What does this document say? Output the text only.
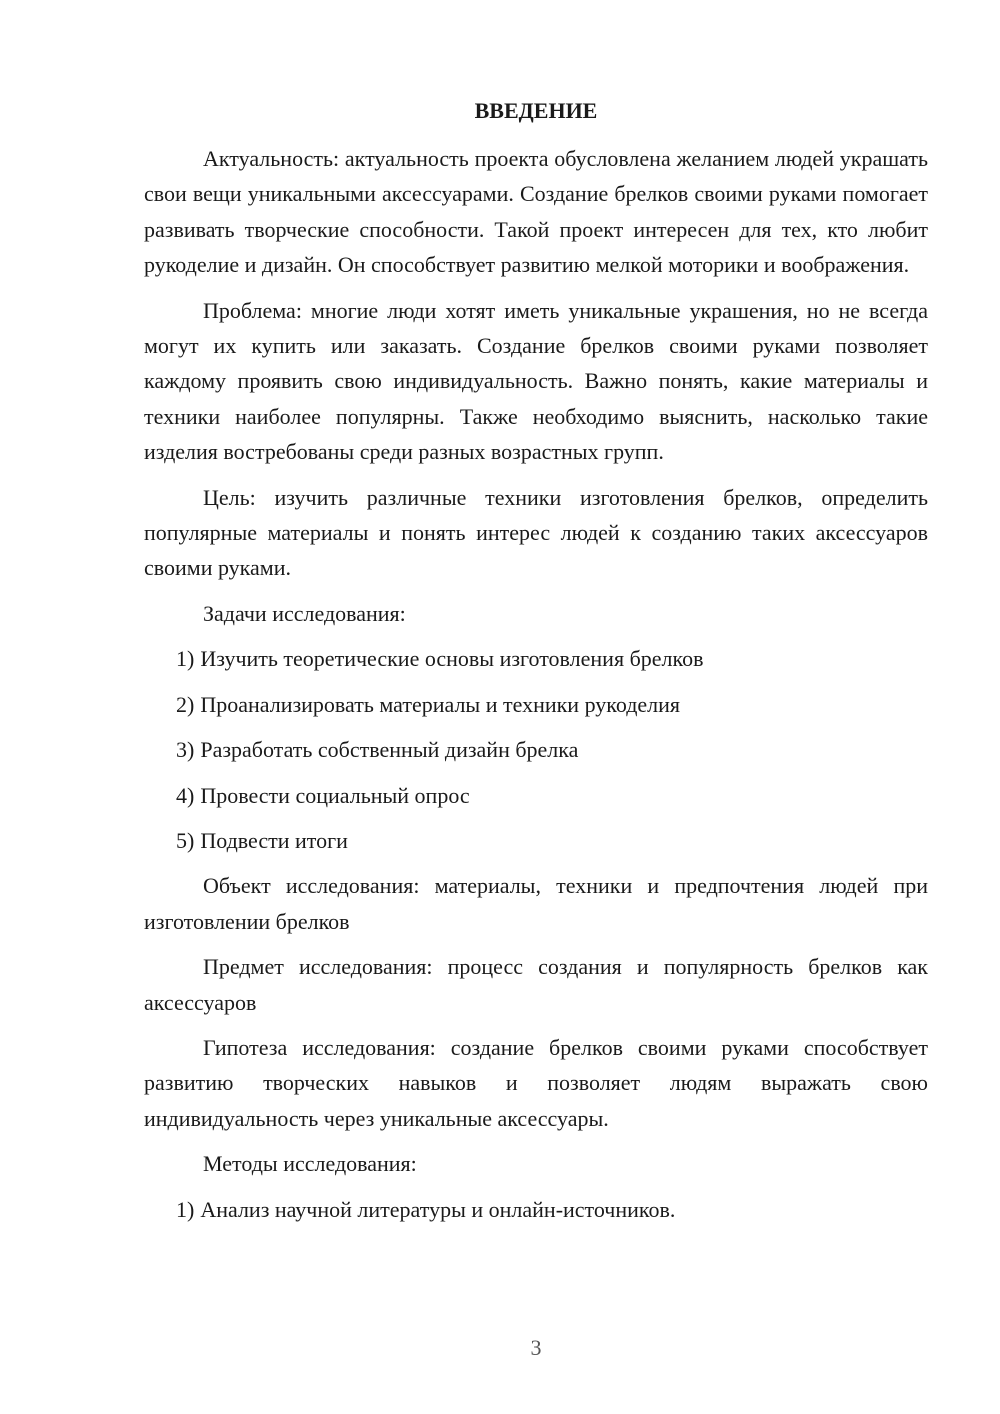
ВВЕДЕНИЕ

Актуальность: актуальность проекта обусловлена желанием людей украшать свои вещи уникальными аксессуарами. Создание брелков своими руками помогает развивать творческие способности. Такой проект интересен для тех, кто любит рукоделие и дизайн. Он способствует развитию мелкой моторики и воображения.

Проблема: многие люди хотят иметь уникальные украшения, но не всегда могут их купить или заказать. Создание брелков своими руками позволяет каждому проявить свою индивидуальность. Важно понять, какие материалы и техники наиболее популярны. Также необходимо выяснить, насколько такие изделия востребованы среди разных возрастных групп.

Цель: изучить различные техники изготовления брелков, определить популярные материалы и понять интерес людей к созданию таких аксессуаров своими руками.

Задачи исследования:

1) Изучить теоретические основы изготовления брелков

2) Проанализировать материалы и техники рукоделия

3) Разработать собственный дизайн брелка

4) Провести социальный опрос

5) Подвести итоги

Объект исследования: материалы, техники и предпочтения людей при изготовлении брелков

Предмет исследования: процесс создания и популярность брелков как аксессуаров

Гипотеза исследования: создание брелков своими руками способствует развитию творческих навыков и позволяет людям выражать свою индивидуальность через уникальные аксессуары.

Методы исследования:

1) Анализ научной литературы и онлайн-источников.

3
